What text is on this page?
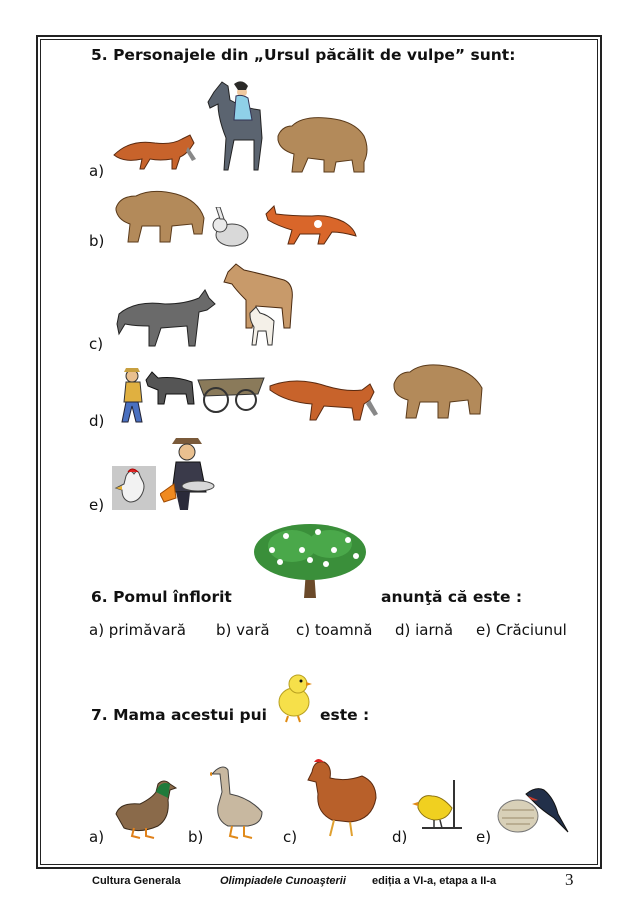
5. Personajele din „Ursul păcălit de vulpe” sunt:
a)
b)
c)
d)
e)
6. Pomul înflorit	anunţă că este :
a) primăvară b) vară c) toamnă d) iarnă e) Crăciunul
7. Mama acestui pui	este :
a)	b)	c)	d)	e)
Cultura Generala	Olimpiadele Cunoaşterii ediția a VI-a, etapa a II-a	3
